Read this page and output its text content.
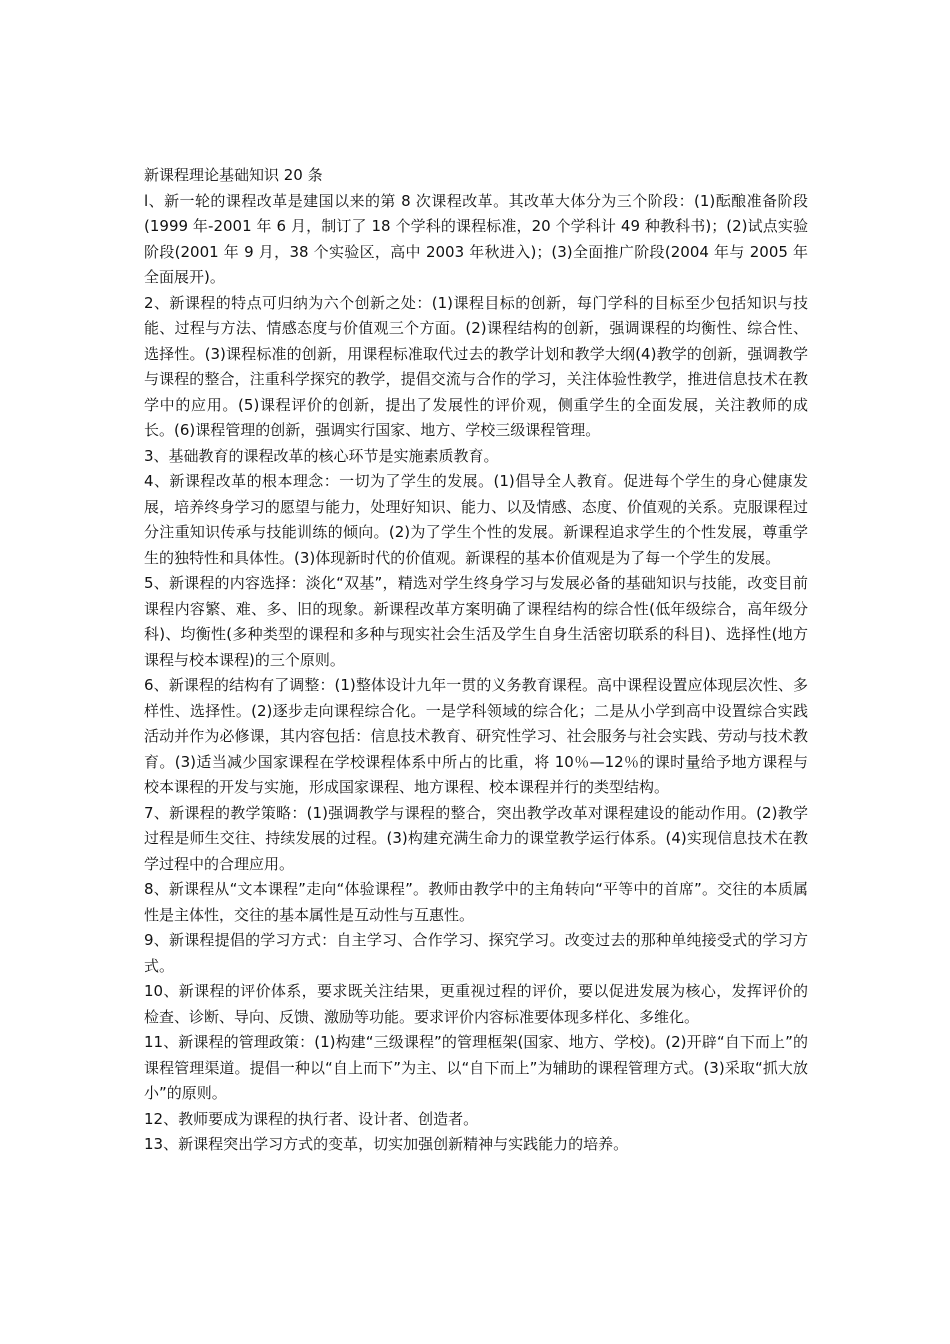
新课程理论基础知识 20 条

l、新一轮的课程改革是建国以来的第 8 次课程改革。其改革大体分为三个阶段：(1)酝酿准备阶段(1999 年-2001 年 6 月，制订了 18 个学科的课程标准，20 个学科计 49 种教科书)；(2)试点实验阶段(2001 年 9 月，38 个实验区，高中 2003 年秋进入)；(3)全面推广阶段(2004 年与 2005 年全面展开)。

2、新课程的特点可归纳为六个创新之处：(1)课程目标的创新，每门学科的目标至少包括知识与技能、过程与方法、情感态度与价值观三个方面。(2)课程结构的创新，强调课程的均衡性、综合性、选择性。(3)课程标准的创新，用课程标准取代过去的教学计划和教学大纲(4)教学的创新，强调教学与课程的整合，注重科学探究的教学，提倡交流与合作的学习，关注体验性教学，推进信息技术在教学中的应用。(5)课程评价的创新，提出了发展性的评价观，侧重学生的全面发展，关注教师的成长。(6)课程管理的创新，强调实行国家、地方、学校三级课程管理。

3、基础教育的课程改革的核心环节是实施素质教育。

4、新课程改革的根本理念：一切为了学生的发展。(1)倡导全人教育。促进每个学生的身心健康发展，培养终身学习的愿望与能力，处理好知识、能力、以及情感、态度、价值观的关系。克服课程过分注重知识传承与技能训练的倾向。(2)为了学生个性的发展。新课程追求学生的个性发展，尊重学生的独特性和具体性。(3)体现新时代的价值观。新课程的基本价值观是为了每一个学生的发展。

5、新课程的内容选择：淡化“双基”，精选对学生终身学习与发展必备的基础知识与技能，改变目前课程内容繁、难、多、旧的现象。新课程改革方案明确了课程结构的综合性(低年级综合，高年级分科)、均衡性(多种类型的课程和多种与现实社会生活及学生自身生活密切联系的科目)、选择性(地方课程与校本课程)的三个原则。

6、新课程的结构有了调整：(1)整体设计九年一贯的义务教育课程。高中课程设置应体现层次性、多样性、选择性。(2)逐步走向课程综合化。一是学科领域的综合化；二是从小学到高中设置综合实践活动并作为必修课，其内容包括：信息技术教育、研究性学习、社会服务与社会实践、劳动与技术教育。(3)适当减少国家课程在学校课程体系中所占的比重，将 10％—12％的课时量给予地方课程与校本课程的开发与实施，形成国家课程、地方课程、校本课程并行的类型结构。

7、新课程的教学策略：(1)强调教学与课程的整合，突出教学改革对课程建设的能动作用。(2)教学过程是师生交往、持续发展的过程。(3)构建充满生命力的课堂教学运行体系。(4)实现信息技术在教学过程中的合理应用。

8、新课程从“文本课程”走向“体验课程”。教师由教学中的主角转向“平等中的首席”。交往的本质属性是主体性，交往的基本属性是互动性与互惠性。

9、新课程提倡的学习方式：自主学习、合作学习、探究学习。改变过去的那种单纯接受式的学习方式。

10、新课程的评价体系，要求既关注结果，更重视过程的评价，要以促进发展为核心，发挥评价的检查、诊断、导向、反馈、激励等功能。要求评价内容标准要体现多样化、多维化。

11、新课程的管理政策：(1)构建“三级课程”的管理框架(国家、地方、学校)。(2)开辟“自下而上”的课程管理渠道。提倡一种以“自上而下”为主、以“自下而上”为辅助的课程管理方式。(3)采取“抓大放小”的原则。

12、教师要成为课程的执行者、设计者、创造者。

13、新课程突出学习方式的变革，切实加强创新精神与实践能力的培养。
